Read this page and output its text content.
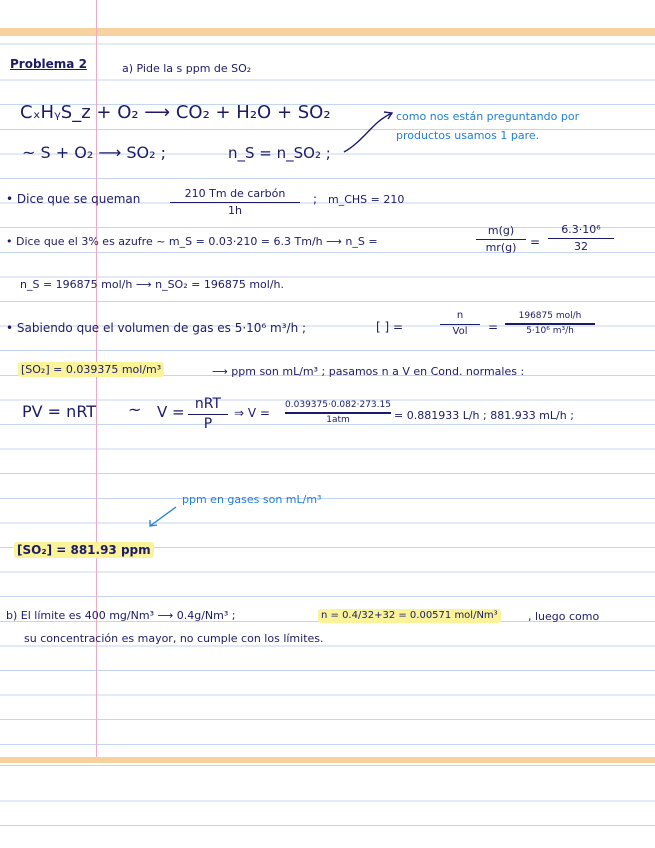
Problema 2	a) Pide la s ppm de SO₂
CₓHᵧS_z + O₂ ⟶ CO₂ + H₂O + SO₂	como nos están preguntando por productos usamos 1 pare.
~ S + O₂ ⟶ SO₂ ;	n_S = n_SO₂ ;
• Dice que se queman	210 Tm de carbón
1h
; m_CHS = 210
• Dice que el 3% es azufre ~ m_S = 0.03·210 = 6.3 Tm/h ⟶ n_S =
m(g)
mr(g)	=
6.3·10⁶
32
n_S = 196875 mol/h ⟶ n_SO₂ = 196875 mol/h.
• Sabiendo que el volumen de gas es 5·10⁶ m³/h ;	[ ] =
n
Vol	=
196875 mol/h
5·10⁶ m³/h
[SO₂] = 0.039375 mol/m³	⟶ ppm son mL/m³ ; pasamos n a V en Cond. normales :
PV = nRT ~ V = nRT
P
⇒ V =
0.039375·0.082·273.15
1atm	= 0.881933 L/h ; 881.933 mL/h ;
ppm en gases son mL/m³
[SO₂] = 881.93 ppm
b) El límite es 400 mg/Nm³ ⟶ 0.4g/Nm³ ;	n = 0.4/32+32 = 0.00571 mol/Nm³	, luego como
su concentración es mayor, no cumple con los límites.
